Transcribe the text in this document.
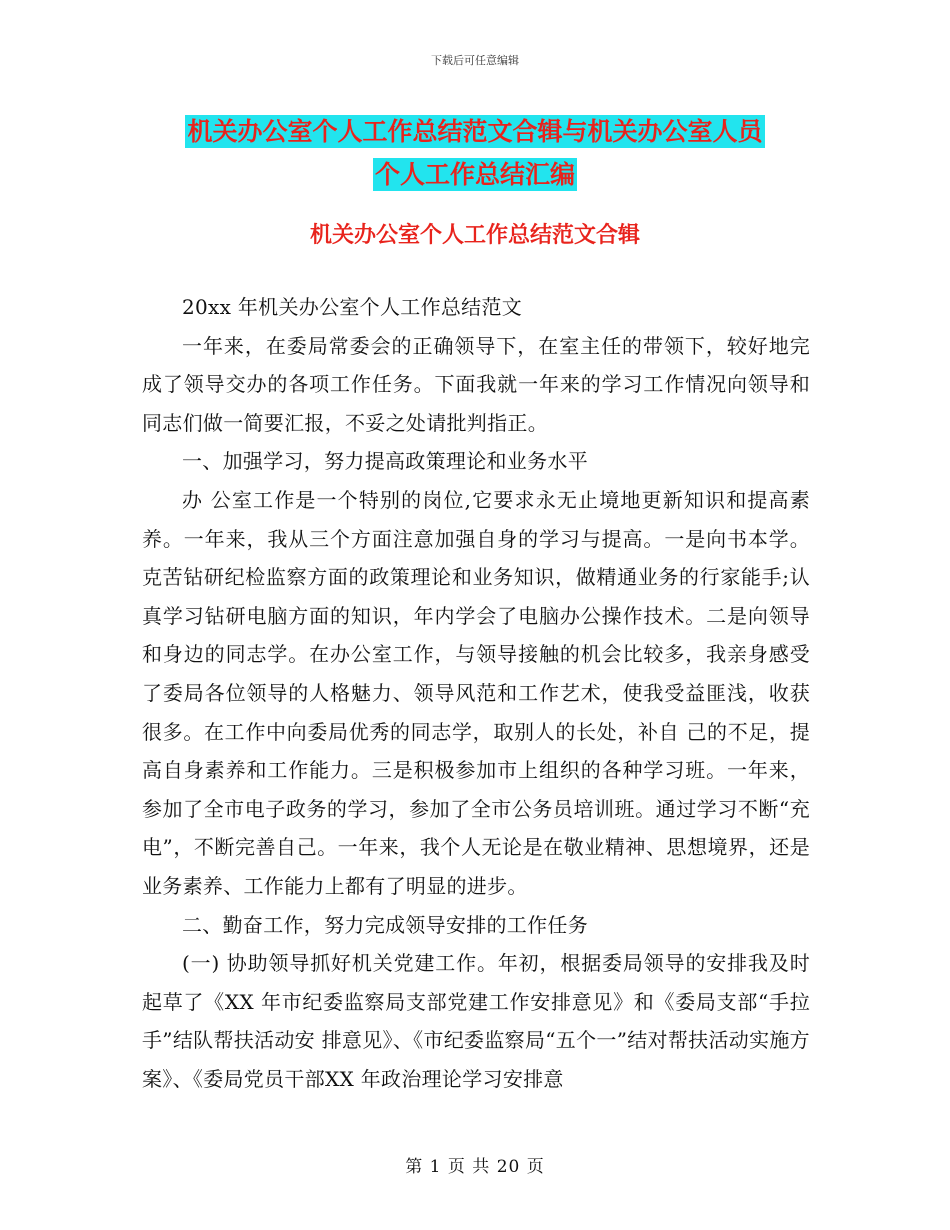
下载后可任意编辑
机关办公室个人工作总结范文合辑与机关办公室人员
个人工作总结汇编
机关办公室个人工作总结范文合辑

20xx 年机关办公室个人工作总结范文

一年来，在委局常委会的正确领导下，在室主任的带领下，较好地完成了领导交办的各项工作任务。下面我就一年来的学习工作情况向领导和同志们做一简要汇报，不妥之处请批判指正。

一、加强学习，努力提高政策理论和业务水平

办 公室工作是一个特别的岗位,它要求永无止境地更新知识和提高素养。一年来，我从三个方面注意加强自身的学习与提高。一是向书本学。克苦钻研纪检监察方面的政策理论和业务知识，做精通业务的行家能手;认真学习钻研电脑方面的知识，年内学会了电脑办公操作技术。二是向领导和身边的同志学。在办公室工作，与领导接触的机会比较多，我亲身感受了委局各位领导的人格魅力、领导风范和工作艺术，使我受益匪浅，收获很多。在工作中向委局优秀的同志学，取别人的长处，补自 己的不足，提高自身素养和工作能力。三是积极参加市上组织的各种学习班。一年来，参加了全市电子政务的学习，参加了全市公务员培训班。通过学习不断“充 电”，不断完善自己。一年来，我个人无论是在敬业精神、思想境界，还是业务素养、工作能力上都有了明显的进步。

二、勤奋工作，努力完成领导安排的工作任务

(一) 协助领导抓好机关党建工作。年初，根据委局领导的安排我及时起草了《XX 年市纪委监察局支部党建工作安排意见》和《委局支部“手拉手”结队帮扶活动安 排意见》、《市纪委监察局“五个一”结对帮扶活动实施方案》、《委局党员干部XX 年政治理论学习安排意

第 1 页 共 20 页
